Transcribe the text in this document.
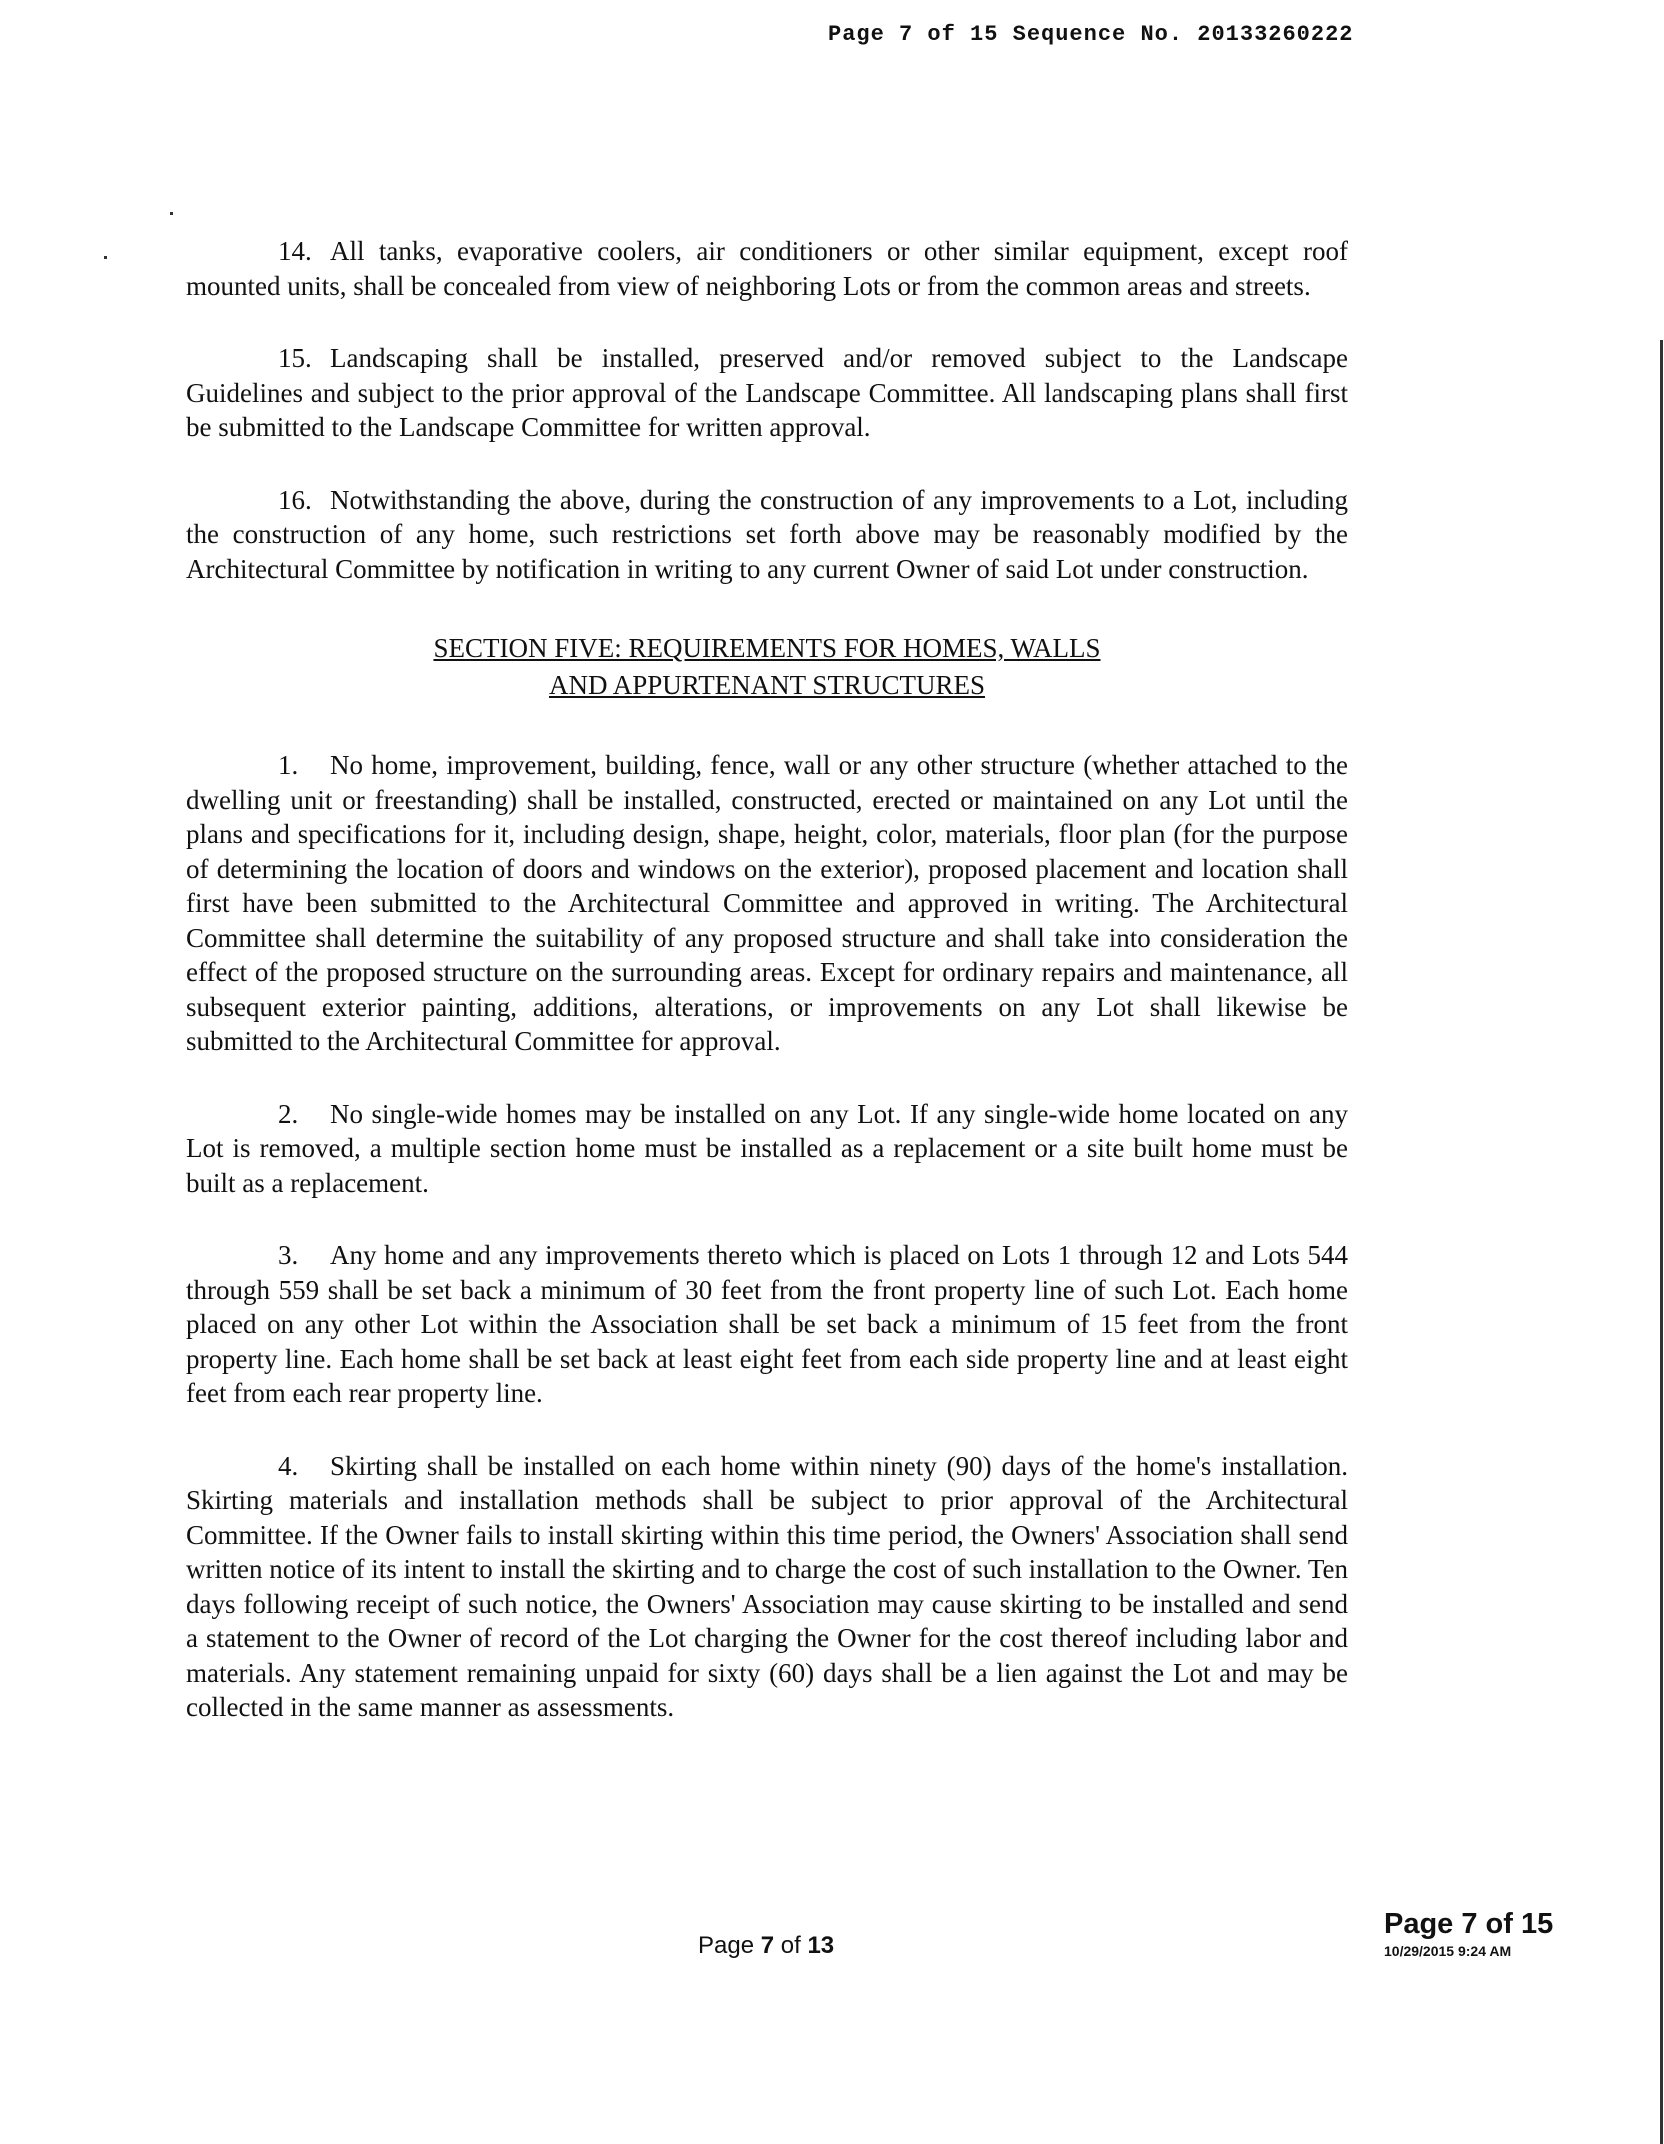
Page 7 of 15 Sequence No. 20133260222

14. All tanks, evaporative coolers, air conditioners or other similar equipment, except roof mounted units, shall be concealed from view of neighboring Lots or from the common areas and streets.

15. Landscaping shall be installed, preserved and/or removed subject to the Landscape Guidelines and subject to the prior approval of the Landscape Committee. All landscaping plans shall first be submitted to the Landscape Committee for written approval.

16. Notwithstanding the above, during the construction of any improvements to a Lot, including the construction of any home, such restrictions set forth above may be reasonably modified by the Architectural Committee by notification in writing to any current Owner of said Lot under construction.

SECTION FIVE: REQUIREMENTS FOR HOMES, WALLS

AND APPURTENANT STRUCTURES

1. No home, improvement, building, fence, wall or any other structure (whether attached to the dwelling unit or freestanding) shall be installed, constructed, erected or maintained on any Lot until the plans and specifications for it, including design, shape, height, color, materials, floor plan (for the purpose of determining the location of doors and windows on the exterior), proposed placement and location shall first have been submitted to the Architectural Committee and approved in writing. The Architectural Committee shall determine the suitability of any proposed structure and shall take into consideration the effect of the proposed structure on the surrounding areas. Except for ordinary repairs and maintenance, all subsequent exterior painting, additions, alterations, or improvements on any Lot shall likewise be submitted to the Architectural Committee for approval.

2. No single-wide homes may be installed on any Lot. If any single-wide home located on any Lot is removed, a multiple section home must be installed as a replacement or a site built home must be built as a replacement.

3. Any home and any improvements thereto which is placed on Lots 1 through 12 and Lots 544 through 559 shall be set back a minimum of 30 feet from the front property line of such Lot. Each home placed on any other Lot within the Association shall be set back a minimum of 15 feet from the front property line. Each home shall be set back at least eight feet from each side property line and at least eight feet from each rear property line.

4. Skirting shall be installed on each home within ninety (90) days of the home's installation. Skirting materials and installation methods shall be subject to prior approval of the Architectural Committee. If the Owner fails to install skirting within this time period, the Owners' Association shall send written notice of its intent to install the skirting and to charge the cost of such installation to the Owner. Ten days following receipt of such notice, the Owners' Association may cause skirting to be installed and send a statement to the Owner of record of the Lot charging the Owner for the cost thereof including labor and materials. Any statement remaining unpaid for sixty (60) days shall be a lien against the Lot and may be collected in the same manner as assessments.

Page 7 of 13
Page 7 of 15
10/29/2015 9:24 AM
